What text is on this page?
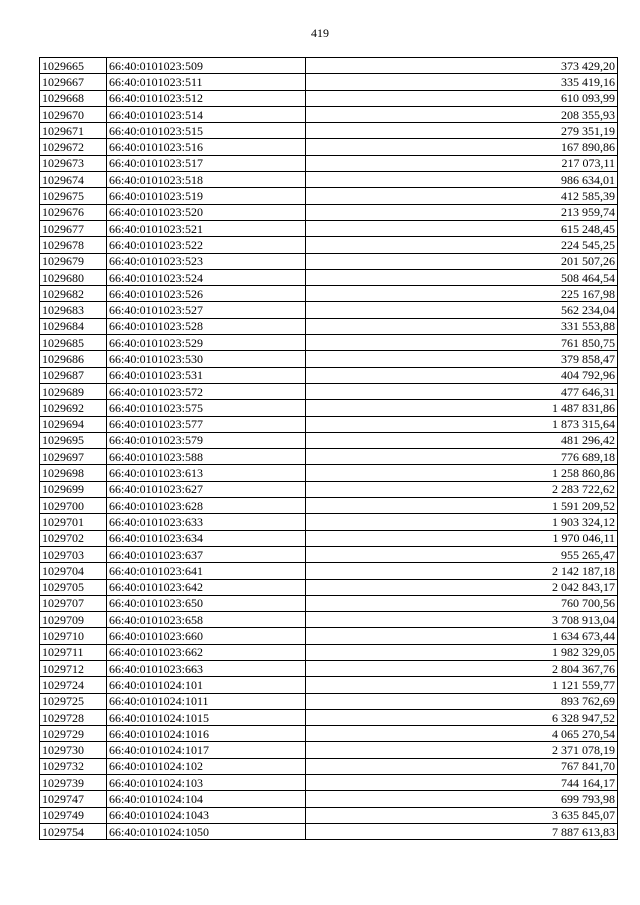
419
1029665	66:40:0101023:509	373 429,20
1029667	66:40:0101023:511	335 419,16
1029668	66:40:0101023:512	610 093,99
1029670	66:40:0101023:514	208 355,93
1029671	66:40:0101023:515	279 351,19
1029672	66:40:0101023:516	167 890,86
1029673	66:40:0101023:517	217 073,11
1029674	66:40:0101023:518	986 634,01
1029675	66:40:0101023:519	412 585,39
1029676	66:40:0101023:520	213 959,74
1029677	66:40:0101023:521	615 248,45
1029678	66:40:0101023:522	224 545,25
1029679	66:40:0101023:523	201 507,26
1029680	66:40:0101023:524	508 464,54
1029682	66:40:0101023:526	225 167,98
1029683	66:40:0101023:527	562 234,04
1029684	66:40:0101023:528	331 553,88
1029685	66:40:0101023:529	761 850,75
1029686	66:40:0101023:530	379 858,47
1029687	66:40:0101023:531	404 792,96
1029689	66:40:0101023:572	477 646,31
1029692	66:40:0101023:575	1 487 831,86
1029694	66:40:0101023:577	1 873 315,64
1029695	66:40:0101023:579	481 296,42
1029697	66:40:0101023:588	776 689,18
1029698	66:40:0101023:613	1 258 860,86
1029699	66:40:0101023:627	2 283 722,62
1029700	66:40:0101023:628	1 591 209,52
1029701	66:40:0101023:633	1 903 324,12
1029702	66:40:0101023:634	1 970 046,11
1029703	66:40:0101023:637	955 265,47
1029704	66:40:0101023:641	2 142 187,18
1029705	66:40:0101023:642	2 042 843,17
1029707	66:40:0101023:650	760 700,56
1029709	66:40:0101023:658	3 708 913,04
1029710	66:40:0101023:660	1 634 673,44
1029711	66:40:0101023:662	1 982 329,05
1029712	66:40:0101023:663	2 804 367,76
1029724	66:40:0101024:101	1 121 559,77
1029725	66:40:0101024:1011	893 762,69
1029728	66:40:0101024:1015	6 328 947,52
1029729	66:40:0101024:1016	4 065 270,54
1029730	66:40:0101024:1017	2 371 078,19
1029732	66:40:0101024:102	767 841,70
1029739	66:40:0101024:103	744 164,17
1029747	66:40:0101024:104	699 793,98
1029749	66:40:0101024:1043	3 635 845,07
1029754	66:40:0101024:1050	7 887 613,83
